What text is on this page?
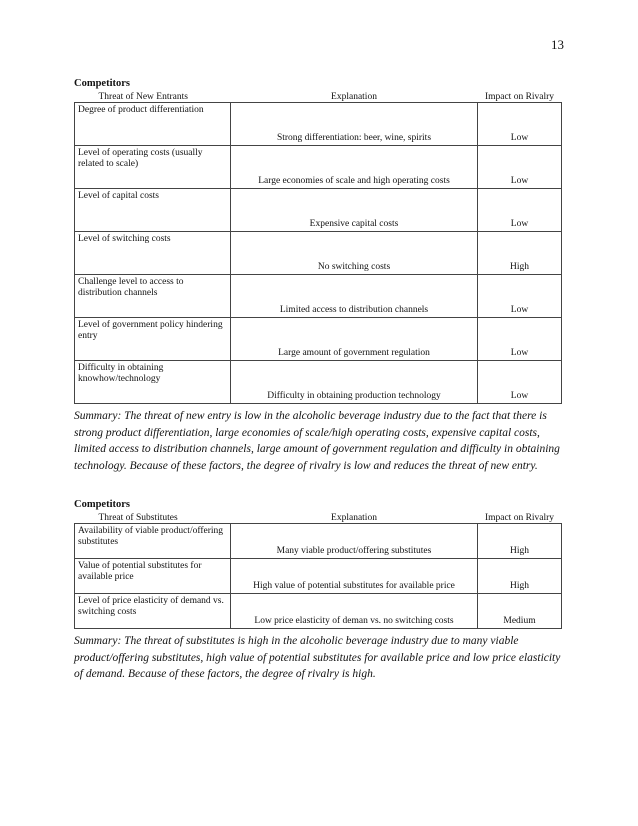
13
Competitors
Threat of New Entrants	Explanation	Impact on Rivalry
Degree of product differentiation	Strong differentiation: beer, wine, spirits	Low
Level of operating costs (usually related to scale)	Large economies of scale and high operating costs	Low
Level of capital costs	Expensive capital costs	Low
Level of switching costs	No switching costs	High
Challenge level to access to distribution channels	Limited access to distribution channels	Low
Level of government policy hindering entry	Large amount of government regulation	Low
Difficulty in obtaining knowhow/technology	Difficulty in obtaining production technology	Low

Summary: The threat of new entry is low in the alcoholic beverage industry due to the fact that there is strong product differentiation, large economies of scale/high operating costs, expensive capital costs, limited access to distribution channels, large amount of government regulation and difficulty in obtaining technology. Because of these factors, the degree of rivalry is low and reduces the threat of new entry.

Competitors
Threat of Substitutes	Explanation	Impact on Rivalry
Availability of viable product/offering substitutes	Many viable product/offering substitutes	High
Value of potential substitutes for available price	High value of potential substitutes for available price	High
Level of price elasticity of demand vs. switching costs	Low price elasticity of deman vs. no switching costs	Medium

Summary: The threat of substitutes is high in the alcoholic beverage industry due to many viable product/offering substitutes, high value of potential substitutes for available price and low price elasticity of demand. Because of these factors, the degree of rivalry is high.
